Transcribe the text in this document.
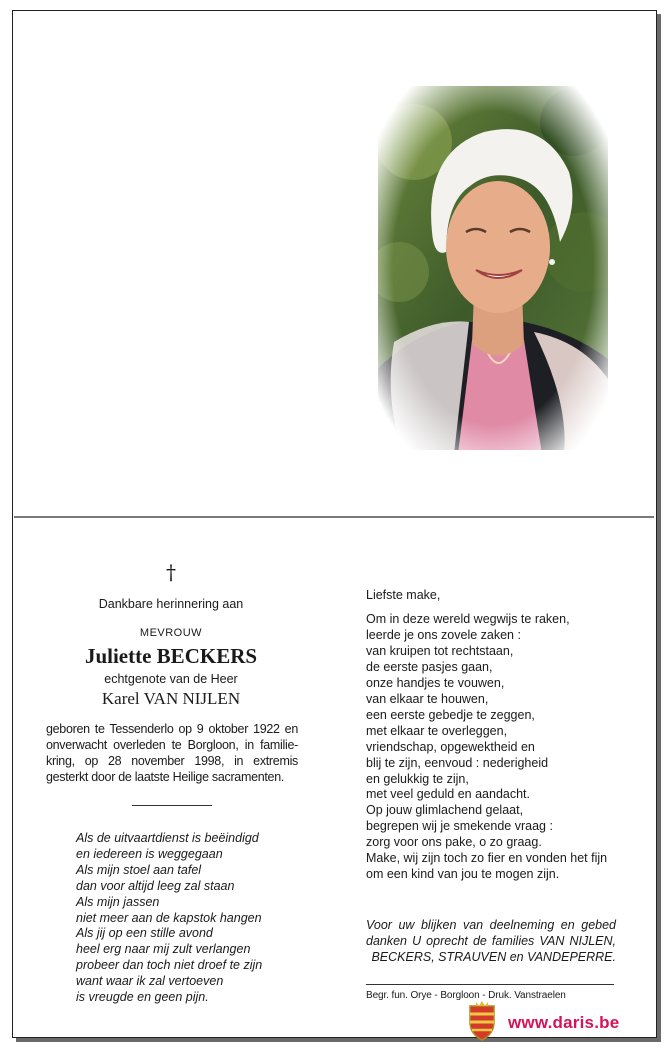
†
Dankbare herinnering aan
MEVROUW
Juliette BECKERS
echtgenote van de Heer
Karel VAN NIJLEN
geboren te Tessenderlo op 9 oktober 1922 en onverwacht overleden te Borgloon, in familie-kring, op 28 november 1998, in extremis gesterkt door de laatste Heilige sacramenten.
Als de uitvaartdienst is beëindigd
en iedereen is weggegaan
Als mijn stoel aan tafel
dan voor altijd leeg zal staan
Als mijn jassen
niet meer aan de kapstok hangen
Als jij op een stille avond
heel erg naar mij zult verlangen
probeer dan toch niet droef te zijn
want waar ik zal vertoeven
is vreugde en geen pijn.
Liefste make,
Om in deze wereld wegwijs te raken,
leerde je ons zovele zaken :
van kruipen tot rechtstaan,
de eerste pasjes gaan,
onze handjes te vouwen,
van elkaar te houwen,
een eerste gebedje te zeggen,
met elkaar te overleggen,
vriendschap, opgewektheid en
blij te zijn, eenvoud : nederigheid
en gelukkig te zijn,
met veel geduld en aandacht.
Op jouw glimlachend gelaat,
begrepen wij je smekende vraag :
zorg voor ons pake, o zo graag.
Make, wij zijn toch zo fier en vonden het fijn
om een kind van jou te mogen zijn.
Voor uw blijken van deelneming en gebed danken U oprecht de families VAN NIJLEN, BECKERS, STRAUVEN en VANDEPERRE.
Begr. fun. Orye - Borgloon - Druk. Vanstraelen
www.daris.be
